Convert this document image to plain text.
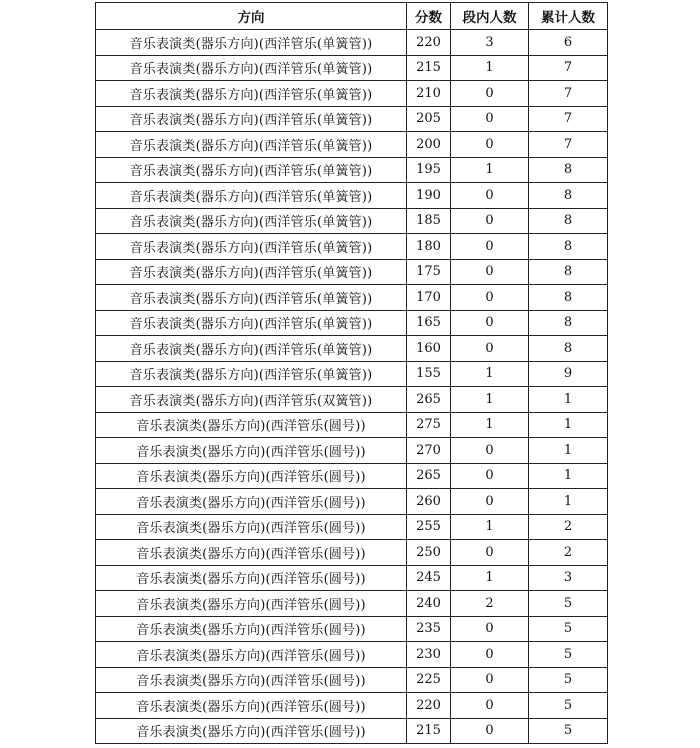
方向	分数	段内人数	累计人数
音乐表演类(器乐方向)(西洋管乐(单簧管))	220	3	6
音乐表演类(器乐方向)(西洋管乐(单簧管))	215	1	7
音乐表演类(器乐方向)(西洋管乐(单簧管))	210	0	7
音乐表演类(器乐方向)(西洋管乐(单簧管))	205	0	7
音乐表演类(器乐方向)(西洋管乐(单簧管))	200	0	7
音乐表演类(器乐方向)(西洋管乐(单簧管))	195	1	8
音乐表演类(器乐方向)(西洋管乐(单簧管))	190	0	8
音乐表演类(器乐方向)(西洋管乐(单簧管))	185	0	8
音乐表演类(器乐方向)(西洋管乐(单簧管))	180	0	8
音乐表演类(器乐方向)(西洋管乐(单簧管))	175	0	8
音乐表演类(器乐方向)(西洋管乐(单簧管))	170	0	8
音乐表演类(器乐方向)(西洋管乐(单簧管))	165	0	8
音乐表演类(器乐方向)(西洋管乐(单簧管))	160	0	8
音乐表演类(器乐方向)(西洋管乐(单簧管))	155	1	9
音乐表演类(器乐方向)(西洋管乐(双簧管))	265	1	1
音乐表演类(器乐方向)(西洋管乐(圆号))	275	1	1
音乐表演类(器乐方向)(西洋管乐(圆号))	270	0	1
音乐表演类(器乐方向)(西洋管乐(圆号))	265	0	1
音乐表演类(器乐方向)(西洋管乐(圆号))	260	0	1
音乐表演类(器乐方向)(西洋管乐(圆号))	255	1	2
音乐表演类(器乐方向)(西洋管乐(圆号))	250	0	2
音乐表演类(器乐方向)(西洋管乐(圆号))	245	1	3
音乐表演类(器乐方向)(西洋管乐(圆号))	240	2	5
音乐表演类(器乐方向)(西洋管乐(圆号))	235	0	5
音乐表演类(器乐方向)(西洋管乐(圆号))	230	0	5
音乐表演类(器乐方向)(西洋管乐(圆号))	225	0	5
音乐表演类(器乐方向)(西洋管乐(圆号))	220	0	5
音乐表演类(器乐方向)(西洋管乐(圆号))	215	0	5
